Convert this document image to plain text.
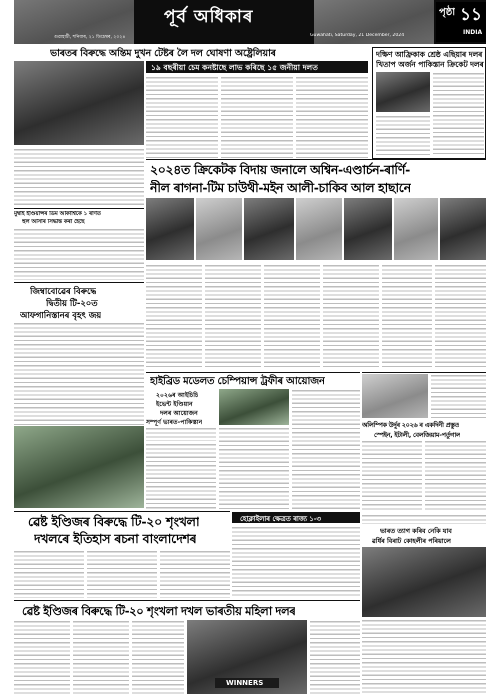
পূৰ্ব অধিকাৰ
গুৱাহাটী, শনিবাৰ, ২১ ডিচেম্বৰ, ২০২৪	Guwahati, Saturday, 21 December, 2024
পৃষ্ঠা ১১
INDIA
ভাৰতৰ বিৰুদ্ধে অন্তিম দুখন টেষ্টৰ লৈ দল ঘোষণা অষ্ট্ৰেলিয়াৰ
১৯ বছৰীয়া চেম কনষ্টাছে লাভ কৰিছে ১৫ জনীয়া দলত
দক্ষিণ আফ্ৰিকাক শ্ৰেষ্ঠ এছিয়াৰ দলৰ খিতাপ অৰ্জন পাকিস্তান ক্ৰিকেট দলৰ
২০২৪ত ক্ৰিকেটক বিদায় জনালে অশ্বিন-এণ্ডাৰ্চন-ৰাৰ্ণি-
নীল ৰাগনা-টিম চাউথী-মইন আলী-চাকিব আল হাছানে
মুম্বাই ইণ্ডিয়ান্সৰ ডিম আকাশ্বিকে ১ ৰাণত
হুল আসাৰ সিদ্ধান্ত কৰা হৈছে
জিম্বাবোৱেৰ বিৰুদ্ধে
দ্বিতীয় টি-২০ত
আফগানিস্তানৰ বৃহৎ জয়
হাইব্ৰিড মডেলত চেম্পিয়ান্স ট্ৰফীৰ আয়োজন
২০২৬ৰ আইচিচি
ইভেন্ট ইণ্ডিয়ান
দলৰ আয়োজন
সম্পূৰ্ণ ভাৰত-পাকিস্তান	অলিম্পিক উৰ্দুৰ ২০২৬ ৰ একদিনী প্ৰস্তুত
স্পেইন, ইটালী, বেলজিয়াম-পৰ্তুগাল
হোক্লাইলাৰ ক্ষেত্ৰত ৰাজ্য ১-৩
ৱেষ্ট ইণ্ডিজৰ বিৰুদ্ধে টি-২০ শৃংখলা
দখলৰে ইতিহাস ৰচনা বাংলাদেশৰ	ভাৰত ত্যাগ কৰিব নেকি যাব
ৱৰ্ধিৰ বিৰাট কোহলীৰ পৰিয়ালে
ৱেষ্ট ইণ্ডিজৰ বিৰুদ্ধে টি-২০ শৃংখলা দখল ভাৰতীয় মহিলা দলৰ
WINNERS
